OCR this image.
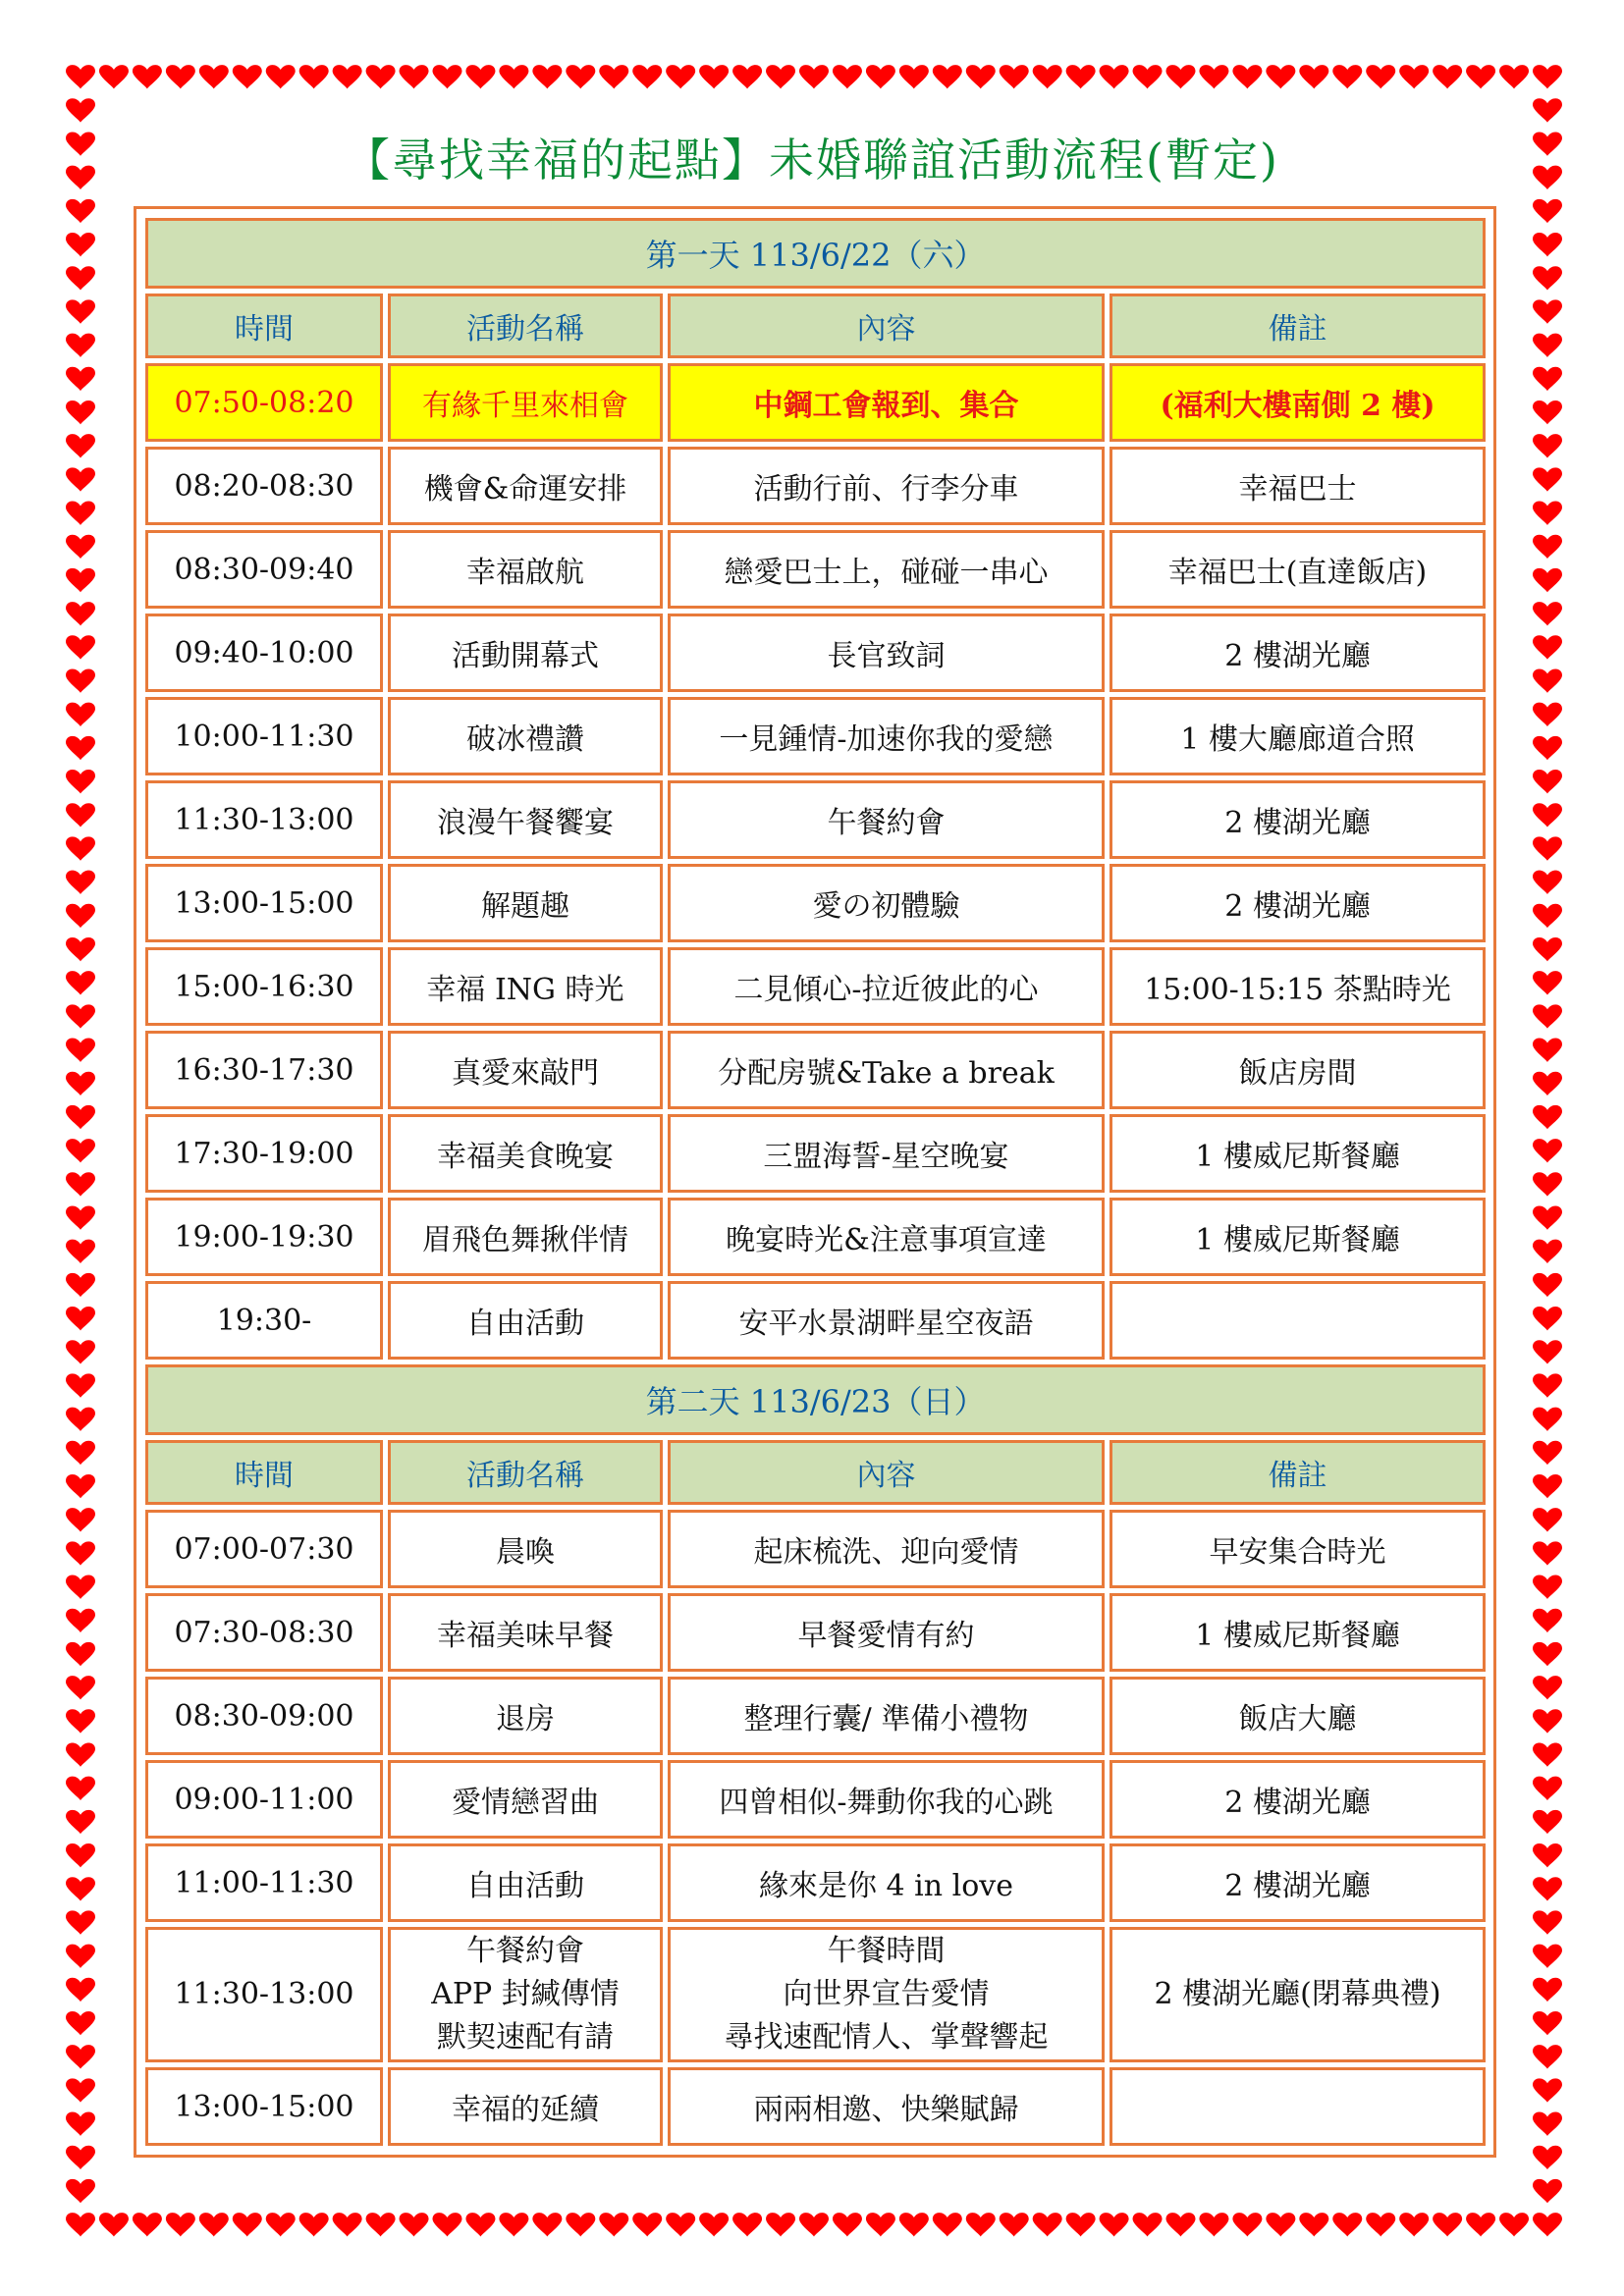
【尋找幸福的起點】未婚聯誼活動流程(暫定)
第一天 113/6/22（六）			
時間	活動名稱	內容	備註
07:50-08:20	有緣千里來相會	中鋼工會報到、集合	(福利大樓南側 2 樓)
08:20-08:30	機會&命運安排	活動行前、行李分車	幸福巴士
08:30-09:40	幸福啟航	戀愛巴士上，碰碰一串心	幸福巴士(直達飯店)
09:40-10:00	活動開幕式	長官致詞	2 樓湖光廳
10:00-11:30	破冰禮讚	一見鍾情-加速你我的愛戀	1 樓大廳廊道合照
11:30-13:00	浪漫午餐饗宴	午餐約會	2 樓湖光廳
13:00-15:00	解題趣	愛の初體驗	2 樓湖光廳
15:00-16:30	幸福 ING 時光	二見傾心-拉近彼此的心	15:00-15:15 茶點時光
16:30-17:30	真愛來敲門	分配房號&Take a break	飯店房間
17:30-19:00	幸福美食晚宴	三盟海誓-星空晚宴	1 樓威尼斯餐廳
19:00-19:30	眉飛色舞揪伴情	晚宴時光&注意事項宣達	1 樓威尼斯餐廳
19:30-	自由活動	安平水景湖畔星空夜語	
第二天 113/6/23（日）			
時間	活動名稱	內容	備註
07:00-07:30	晨喚	起床梳洗、迎向愛情	早安集合時光
07:30-08:30	幸福美味早餐	早餐愛情有約	1 樓威尼斯餐廳
08:30-09:00	退房	整理行囊/ 準備小禮物	飯店大廳
09:00-11:00	愛情戀習曲	四曾相似-舞動你我的心跳	2 樓湖光廳
11:00-11:30	自由活動	緣來是你 4 in love	2 樓湖光廳
11:30-13:00	午餐約會
APP 封緘傳情
默契速配有請	午餐時間
向世界宣告愛情
尋找速配情人、掌聲響起	2 樓湖光廳(閉幕典禮)
13:00-15:00	幸福的延續	兩兩相邀、快樂賦歸	
